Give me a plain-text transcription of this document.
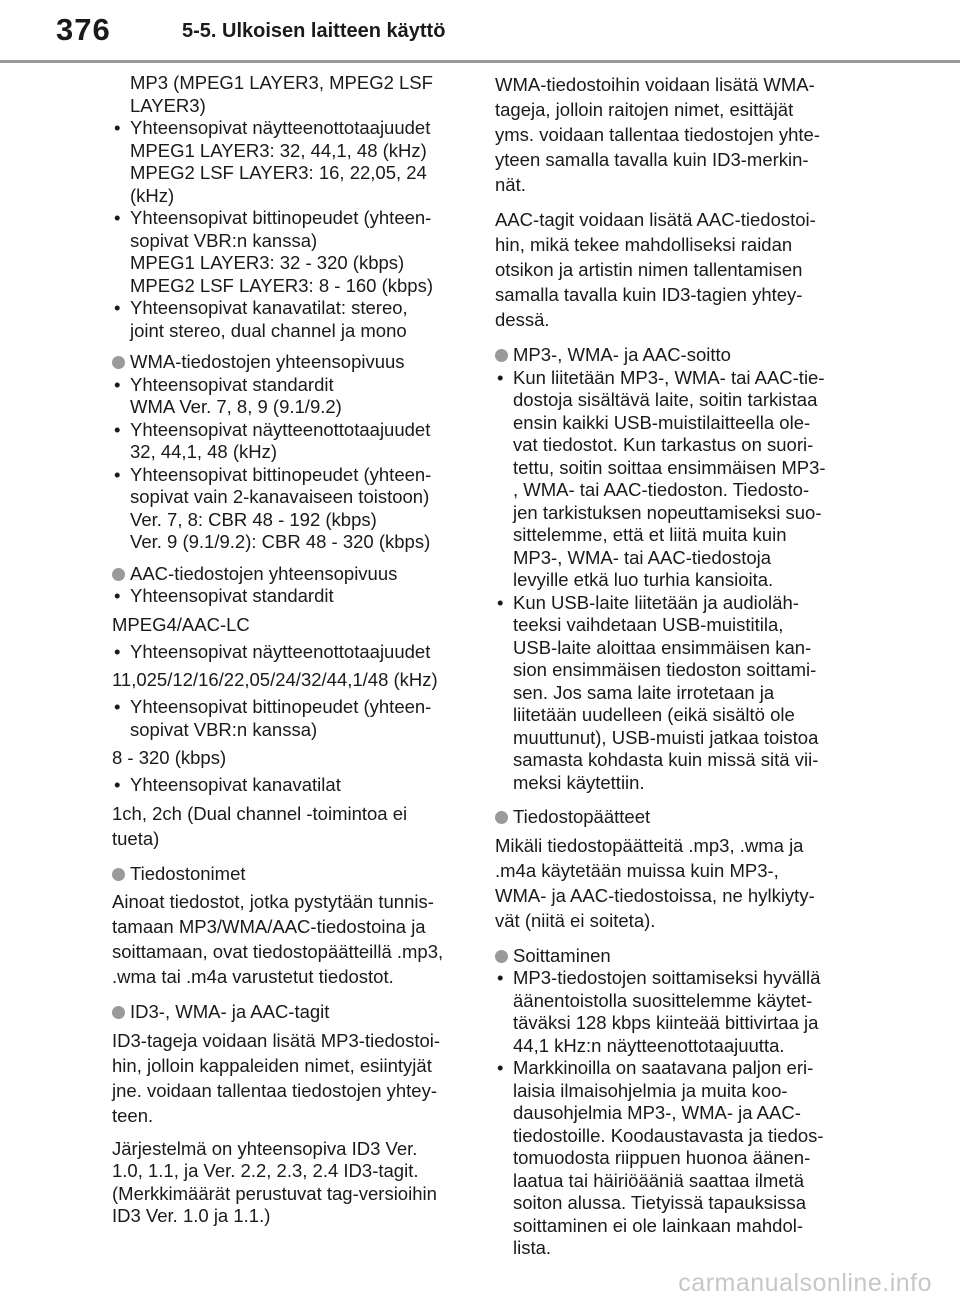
376	5-5. Ulkoisen laitteen käyttö
MP3 (MPEG1 LAYER3, MPEG2 LSF
LAYER3)
• Yhteensopivat näytteenottotaajuudet
MPEG1 LAYER3: 32, 44,1, 48 (kHz)
MPEG2 LSF LAYER3: 16, 22,05, 24
(kHz)
• Yhteensopivat bittinopeudet (yhteen-
sopivat VBR:n kanssa)
MPEG1 LAYER3: 32 - 320 (kbps)
MPEG2 LSF LAYER3: 8 - 160 (kbps)
• Yhteensopivat kanavatilat: stereo,
joint stereo, dual channel ja mono
WMA-tiedostojen yhteensopivuus
• Yhteensopivat standardit
WMA Ver. 7, 8, 9 (9.1/9.2)
• Yhteensopivat näytteenottotaajuudet
32, 44,1, 48 (kHz)
• Yhteensopivat bittinopeudet (yhteen-
sopivat vain 2-kanavaiseen toistoon)
Ver. 7, 8: CBR 48 - 192 (kbps)
Ver. 9 (9.1/9.2): CBR 48 - 320 (kbps)
AAC-tiedostojen yhteensopivuus
• Yhteensopivat standardit
MPEG4/AAC-LC
• Yhteensopivat näytteenottotaajuudet
11,025/12/16/22,05/24/32/44,1/48 (kHz)
• Yhteensopivat bittinopeudet (yhteen-
sopivat VBR:n kanssa)
8 - 320 (kbps)
• Yhteensopivat kanavatilat
1ch, 2ch (Dual channel -toimintoa ei
tueta)
Tiedostonimet
Ainoat tiedostot, jotka pystytään tunnis-
tamaan MP3/WMA/AAC-tiedostoina ja
soittamaan, ovat tiedostopäätteillä .mp3,
.wma tai .m4a varustetut tiedostot.
ID3-, WMA- ja AAC-tagit
ID3-tageja voidaan lisätä MP3-tiedostoi-
hin, jolloin kappaleiden nimet, esiintyjät
jne. voidaan tallentaa tiedostojen yhtey-
teen.
Järjestelmä on yhteensopiva ID3 Ver.
1.0, 1.1, ja Ver. 2.2, 2.3, 2.4 ID3-tagit.
(Merkkimäärät perustuvat tag-versioihin
ID3 Ver. 1.0 ja 1.1.)
WMA-tiedostoihin voidaan lisätä WMA-
tageja, jolloin raitojen nimet, esittäjät
yms. voidaan tallentaa tiedostojen yhte-
yteen samalla tavalla kuin ID3-merkin-
nät.
AAC-tagit voidaan lisätä AAC-tiedostoi-
hin, mikä tekee mahdolliseksi raidan
otsikon ja artistin nimen tallentamisen
samalla tavalla kuin ID3-tagien yhtey-
dessä.
MP3-, WMA- ja AAC-soitto
• Kun liitetään MP3-, WMA- tai AAC-tie-
dostoja sisältävä laite, soitin tarkistaa
ensin kaikki USB-muistilaitteella ole-
vat tiedostot. Kun tarkastus on suori-
tettu, soitin soittaa ensimmäisen MP3-
, WMA- tai AAC-tiedoston. Tiedosto-
jen tarkistuksen nopeuttamiseksi suo-
sittelemme, että et liitä muita kuin
MP3-, WMA- tai AAC-tiedostoja
levyille etkä luo turhia kansioita.
• Kun USB-laite liitetään ja audioläh-
teeksi vaihdetaan USB-muistitila,
USB-laite aloittaa ensimmäisen kan-
sion ensimmäisen tiedoston soittami-
sen. Jos sama laite irrotetaan ja
liitetään uudelleen (eikä sisältö ole
muuttunut), USB-muisti jatkaa toistoa
samasta kohdasta kuin missä sitä vii-
meksi käytettiin.
Tiedostopäätteet
Mikäli tiedostopäätteitä .mp3, .wma ja
.m4a käytetään muissa kuin MP3-,
WMA- ja AAC-tiedostoissa, ne hylkiyty-
vät (niitä ei soiteta).
Soittaminen
• MP3-tiedostojen soittamiseksi hyvällä
äänentoistolla suosittelemme käytet-
täväksi 128 kbps kiinteää bittivirtaa ja
44,1 kHz:n näytteenottotaajuutta.
• Markkinoilla on saatavana paljon eri-
laisia ilmaisohjelmia ja muita koo-
dausohjelmia MP3-, WMA- ja AAC-
tiedostoille. Koodaustavasta ja tiedos-
tomuodosta riippuen huonoa äänen-
laatua tai häiriöääniä saattaa ilmetä
soiton alussa. Tietyissä tapauksissa
soittaminen ei ole lainkaan mahdol-
lista.
carmanualsonline.info
